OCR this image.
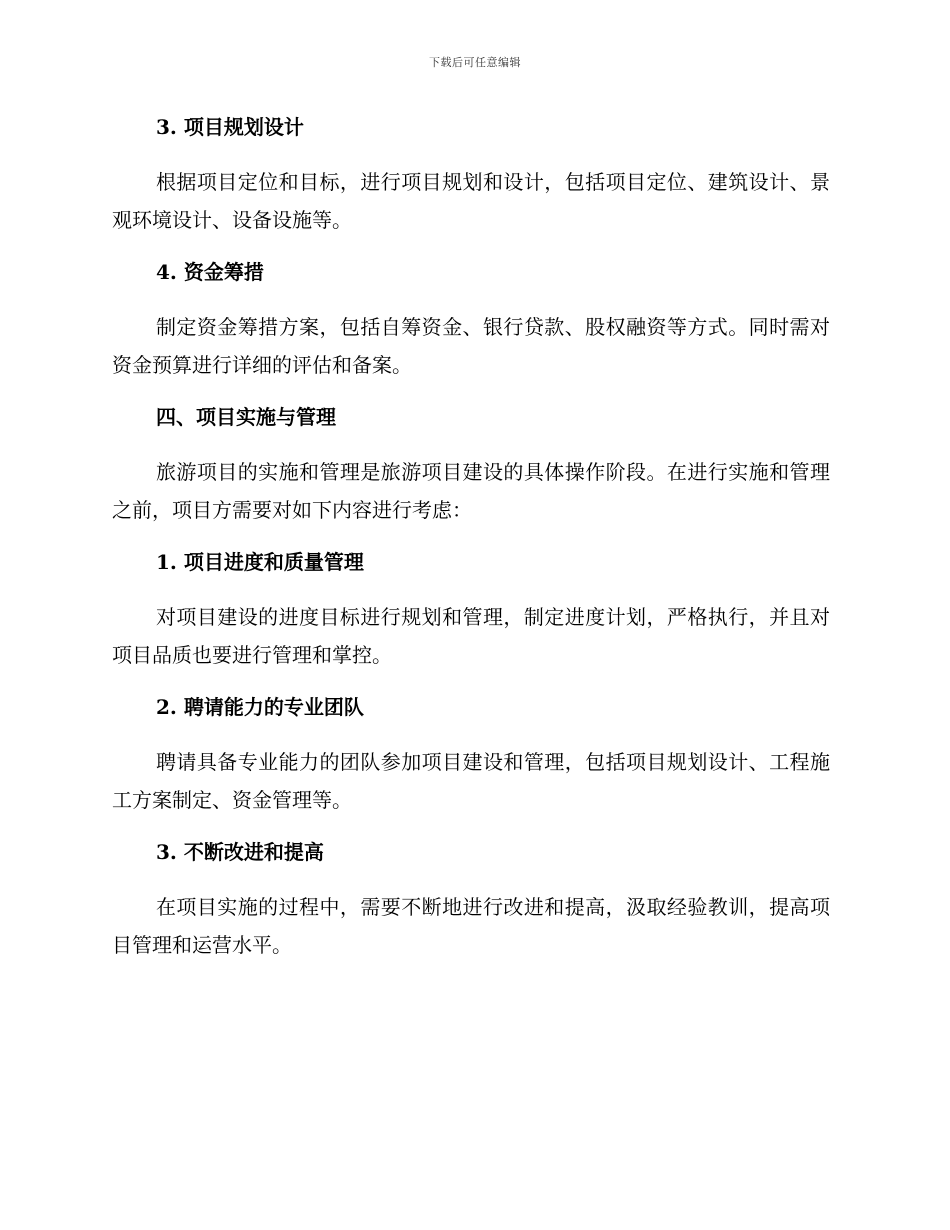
下载后可任意编辑
3. 项目规划设计

根据项目定位和目标，进行项目规划和设计，包括项目定位、建筑设计、景观环境设计、设备设施等。

4. 资金筹措

制定资金筹措方案，包括自筹资金、银行贷款、股权融资等方式。同时需对资金预算进行详细的评估和备案。

四、项目实施与管理

旅游项目的实施和管理是旅游项目建设的具体操作阶段。在进行实施和管理之前，项目方需要对如下内容进行考虑：

1. 项目进度和质量管理

对项目建设的进度目标进行规划和管理，制定进度计划，严格执行，并且对项目品质也要进行管理和掌控。

2. 聘请能力的专业团队

聘请具备专业能力的团队参加项目建设和管理，包括项目规划设计、工程施工方案制定、资金管理等。

3. 不断改进和提高

在项目实施的过程中，需要不断地进行改进和提高，汲取经验教训，提高项目管理和运营水平。
